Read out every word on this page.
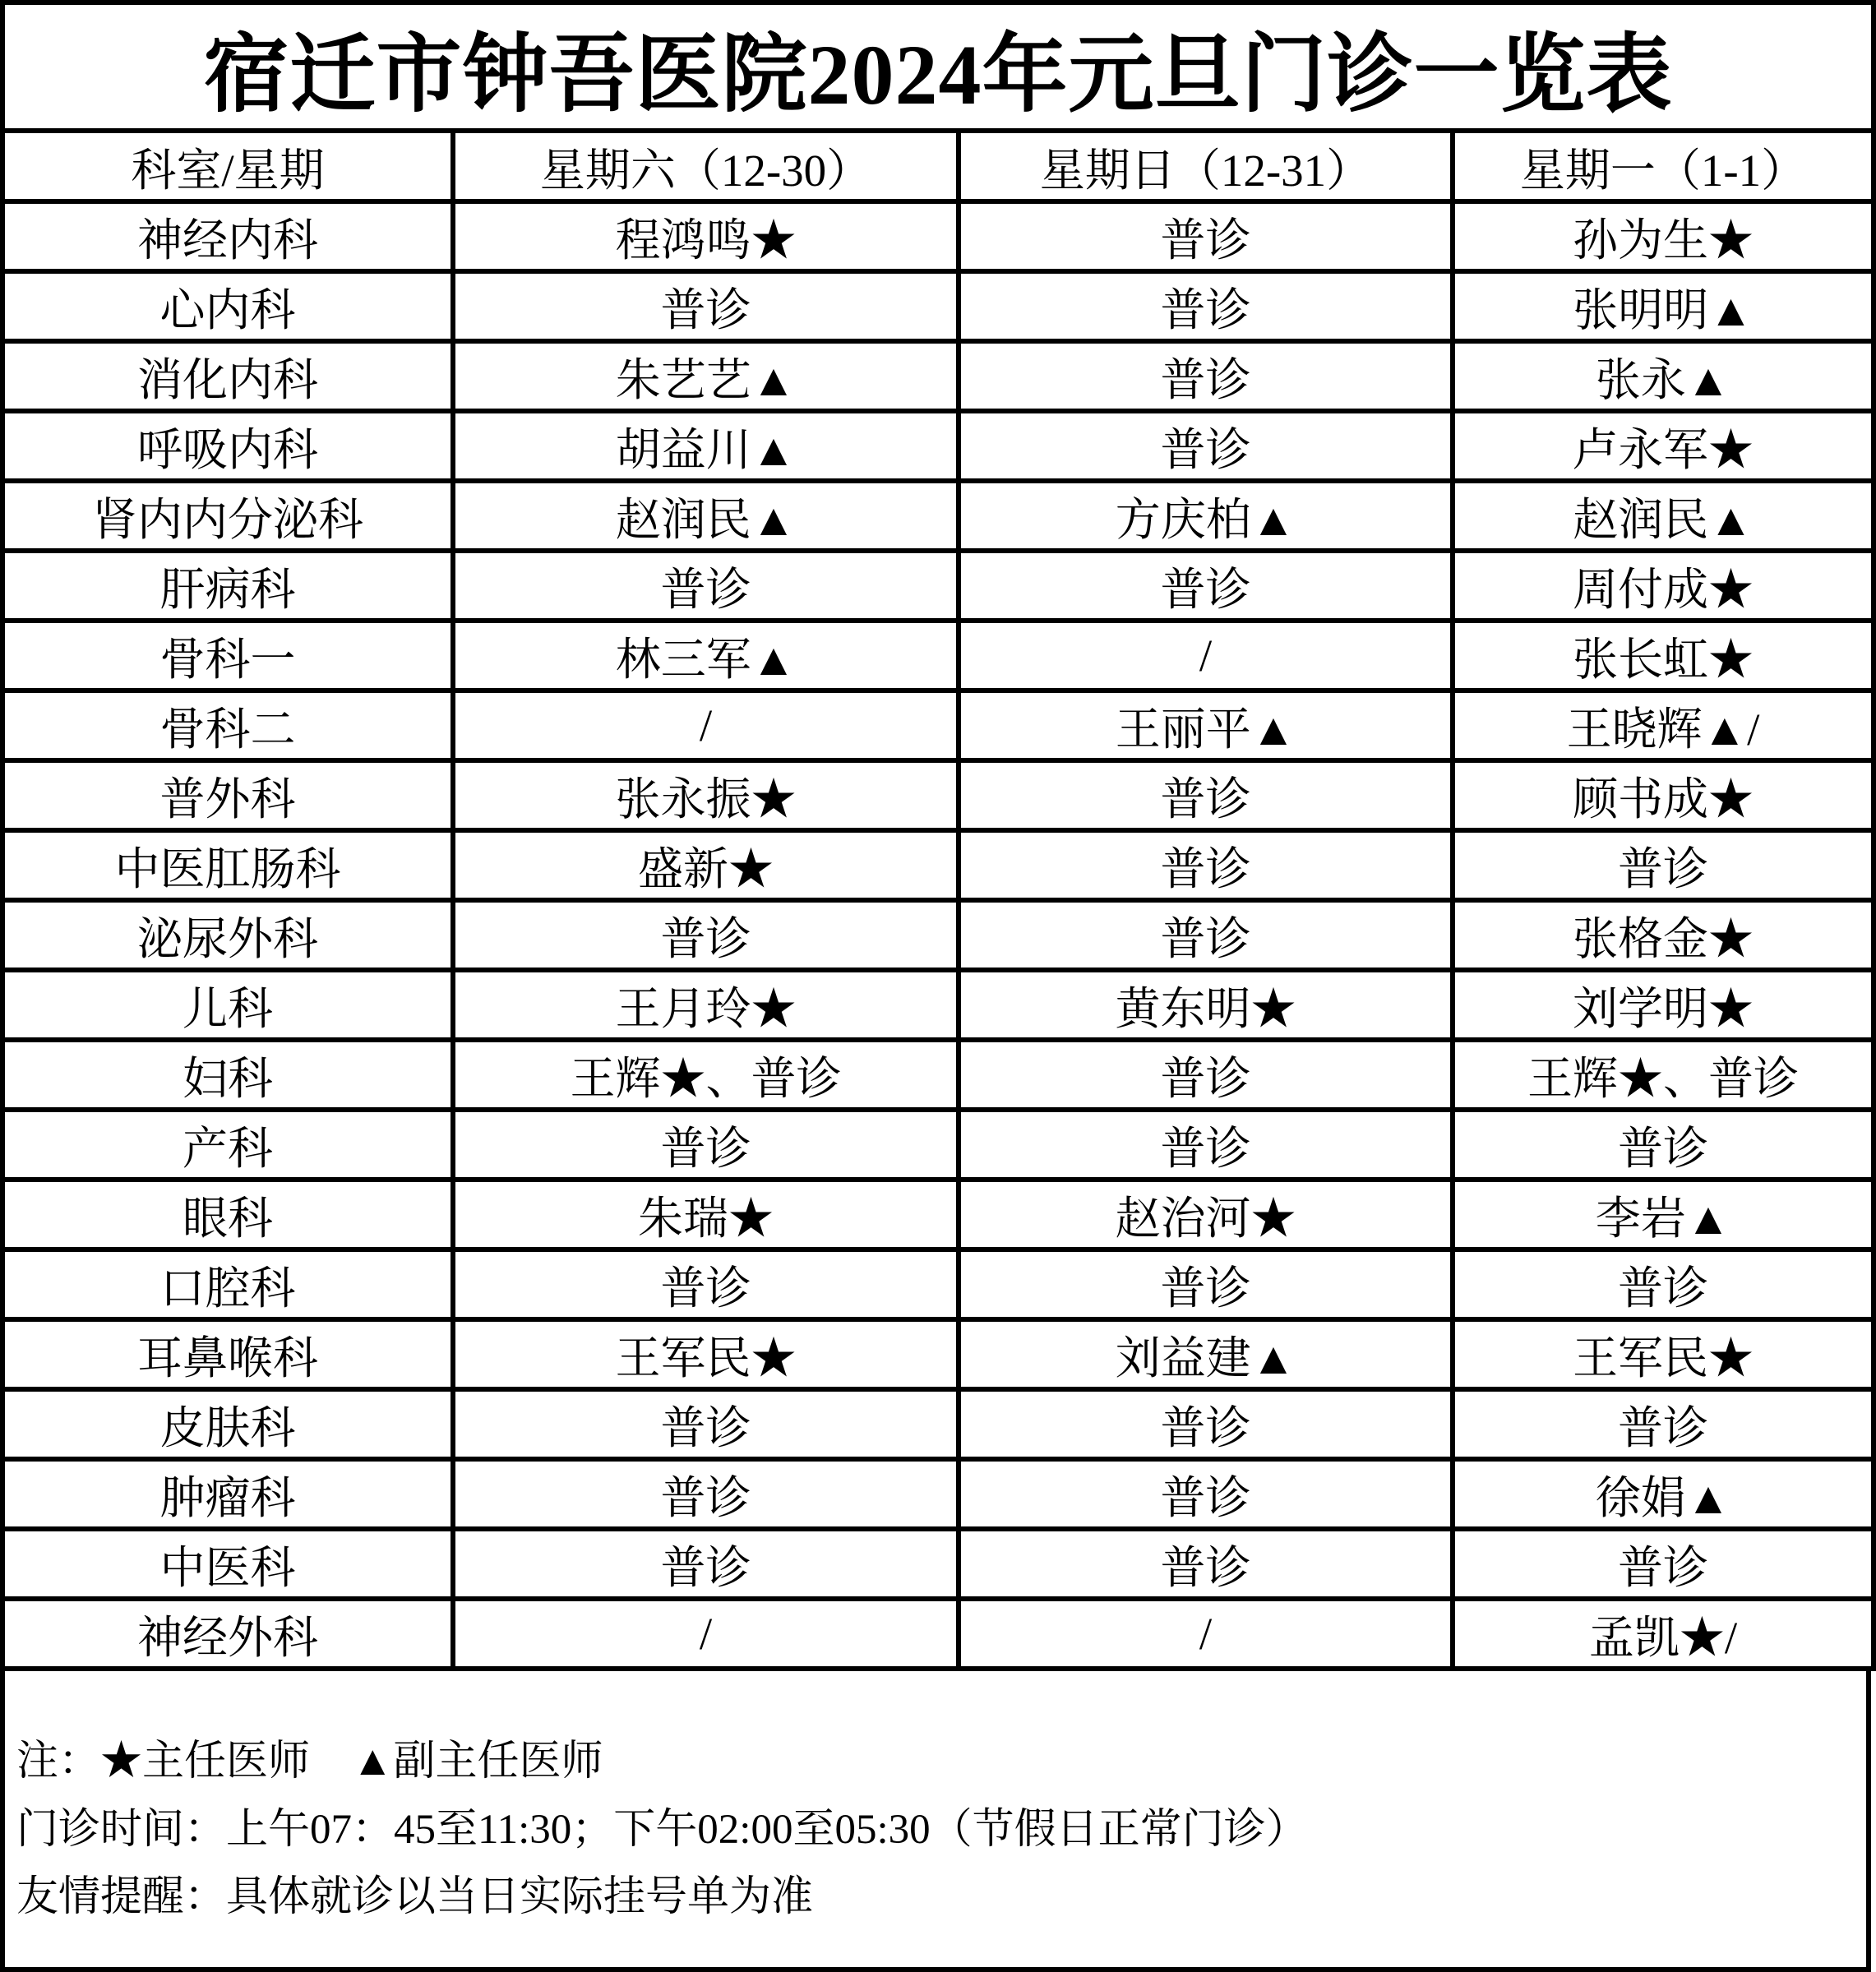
宿迁市钟吾医院2024年元旦门诊一览表			
科室/星期	星期六（12-30）	星期日（12-31）	星期一（1-1）
神经内科	程鸿鸣★	普诊	孙为生★
心内科	普诊	普诊	张明明▲
消化内科	朱艺艺▲	普诊	张永▲
呼吸内科	胡益川▲	普诊	卢永军★
肾内内分泌科	赵润民▲	方庆柏▲	赵润民▲
肝病科	普诊	普诊	周付成★
骨科一	林三军▲	/	张长虹★
骨科二	/	王丽平▲	王晓辉▲/
普外科	张永振★	普诊	顾书成★
中医肛肠科	盛新★	普诊	普诊
泌尿外科	普诊	普诊	张格金★
儿科	王月玲★	黄东明★	刘学明★
妇科	王辉★、普诊	普诊	王辉★、普诊
产科	普诊	普诊	普诊
眼科	朱瑞★	赵治河★	李岩▲
口腔科	普诊	普诊	普诊
耳鼻喉科	王军民★	刘益建▲	王军民★
皮肤科	普诊	普诊	普诊
肿瘤科	普诊	普诊	徐娟▲
中医科	普诊	普诊	普诊
神经外科	/	/	孟凯★/

注：★主任医师　▲副主任医师

门诊时间：上午07：45至11:30；下午02:00至05:30（节假日正常门诊）

友情提醒：具体就诊以当日实际挂号单为准
